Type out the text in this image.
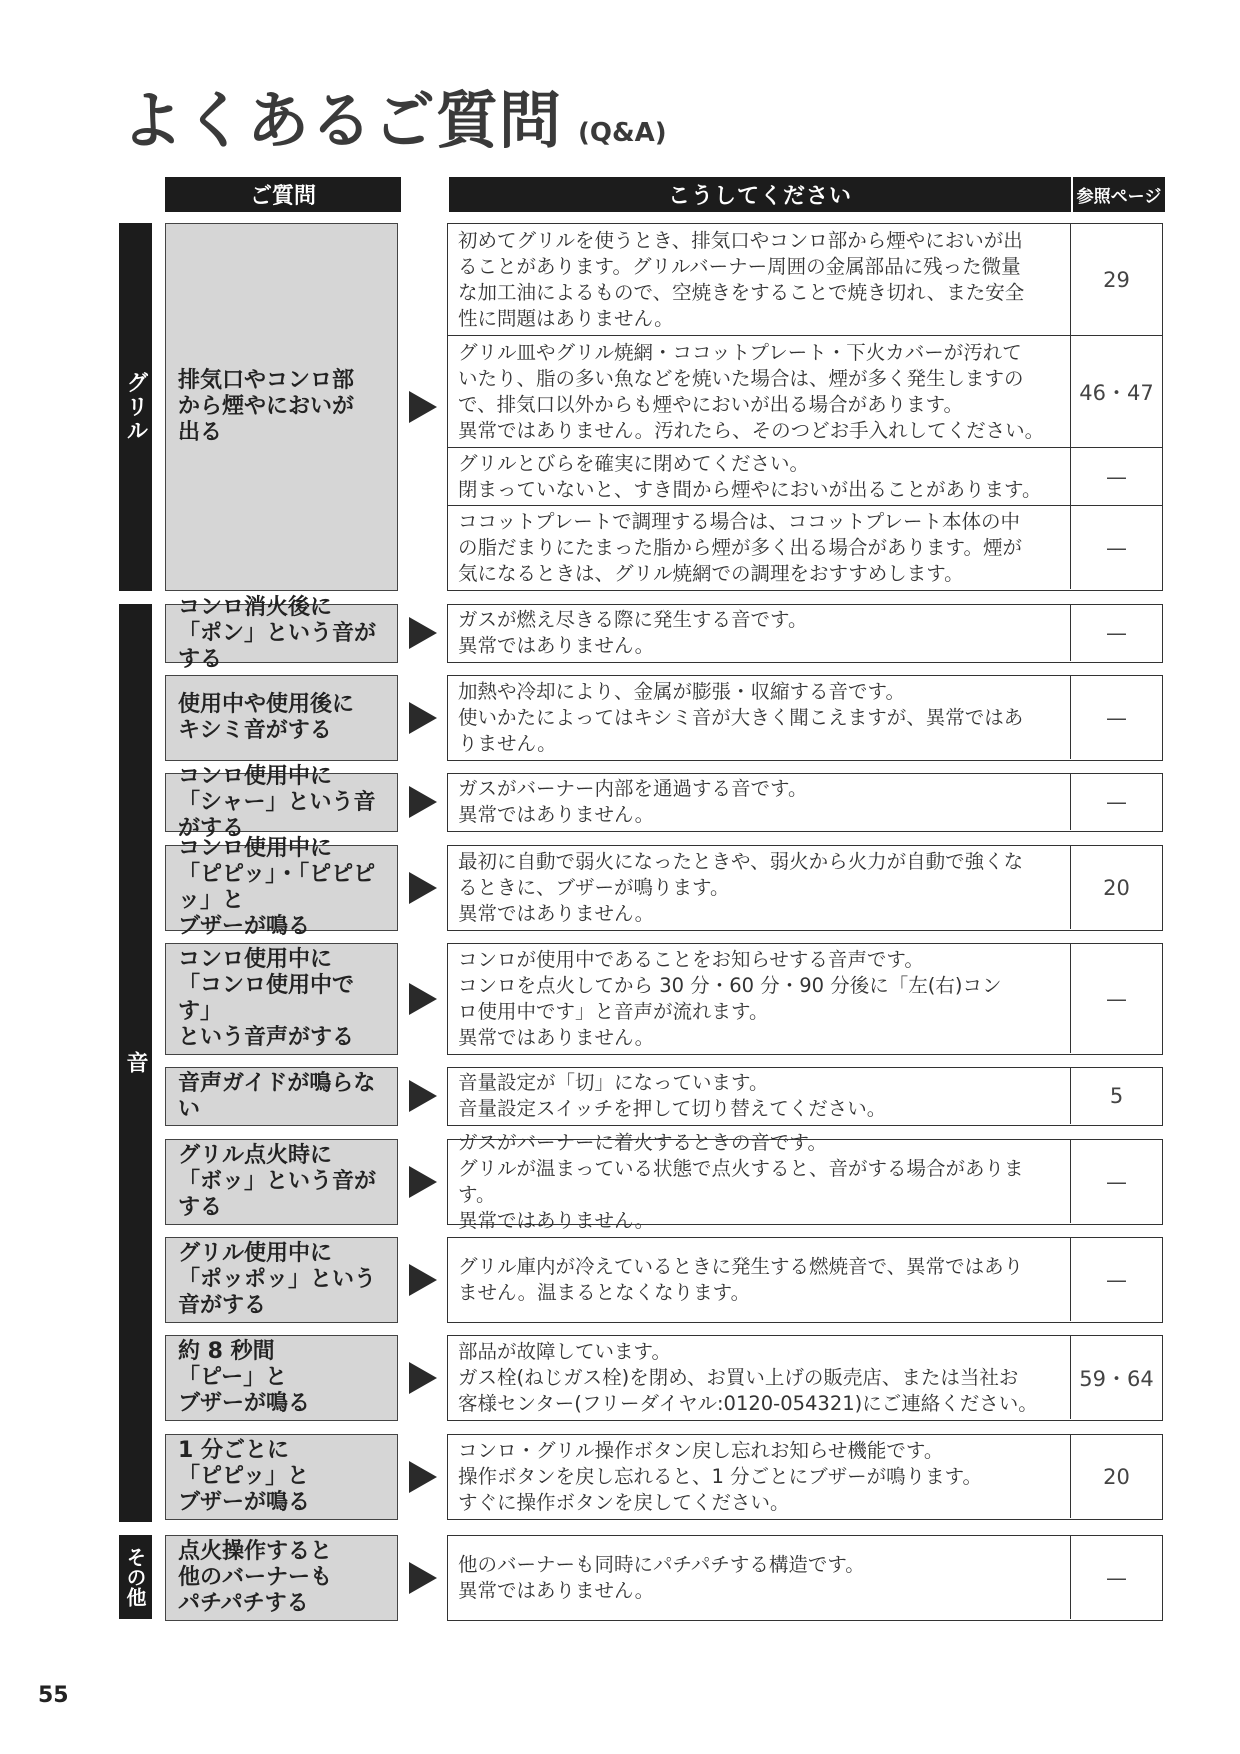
よくあるご質問 (Q&A)
ご質問	こうしてください	参照ページ
グリル
音
その他
排気口やコンロ部
から煙やにおいが
出る
初めてグリルを使うとき、排気口やコンロ部から煙やにおいが出
ることがあります。グリルバーナー周囲の金属部品に残った微量
な加工油によるもので、空焼きをすることで焼き切れ、また安全
性に問題はありません。
29
グリル皿やグリル焼網・ココットプレート・下火カバーが汚れて
いたり、脂の多い魚などを焼いた場合は、煙が多く発生しますの
で、排気口以外からも煙やにおいが出る場合があります。
異常ではありません。汚れたら、そのつどお手入れしてください。
46・47
グリルとびらを確実に閉めてください。
閉まっていないと、すき間から煙やにおいが出ることがあります。
—
ココットプレートで調理する場合は、ココットプレート本体の中
の脂だまりにたまった脂から煙が多く出る場合があります。煙が
気になるときは、グリル焼網での調理をおすすめします。
—
コンロ消火後に
「ポン」という音がする
ガスが燃え尽きる際に発生する音です。
異常ではありません。
—
使用中や使用後に
キシミ音がする
加熱や冷却により、金属が膨張・収縮する音です。
使いかたによってはキシミ音が大きく聞こえますが、異常ではあ
りません。
—
コンロ使用中に
「シャー」という音がする
ガスがバーナー内部を通過する音です。
異常ではありません。
—
コンロ使用中に
「ピピッ」・「ピピピッ」と
ブザーが鳴る
最初に自動で弱火になったときや、弱火から火力が自動で強くな
るときに、ブザーが鳴ります。
異常ではありません。
20
コンロ使用中に
「コンロ使用中です」
という音声がする
コンロが使用中であることをお知らせする音声です。
コンロを点火してから 30 分・60 分・90 分後に「左(右)コン
ロ使用中です」と音声が流れます。
異常ではありません。
—
音声ガイドが鳴らない
音量設定が「切」になっています。
音量設定スイッチを押して切り替えてください。
5
グリル点火時に
「ボッ」という音が
する
ガスがバーナーに着火するときの音です。
グリルが温まっている状態で点火すると、音がする場合があります。
異常ではありません。
—
グリル使用中に
「ポッポッ」という
音がする
グリル庫内が冷えているときに発生する燃焼音で、異常ではあり
ません。温まるとなくなります。
—
約 8 秒間
「ピー」と
ブザーが鳴る
部品が故障しています。
ガス栓(ねじガス栓)を閉め、お買い上げの販売店、または当社お
客様センター(フリーダイヤル:0120-054321)にご連絡ください。
59・64
1 分ごとに
「ピピッ」と
ブザーが鳴る
コンロ・グリル操作ボタン戻し忘れお知らせ機能です。
操作ボタンを戻し忘れると、1 分ごとにブザーが鳴ります。
すぐに操作ボタンを戻してください。
20
点火操作すると
他のバーナーも
パチパチする
他のバーナーも同時にパチパチする構造です。
異常ではありません。
—
55
